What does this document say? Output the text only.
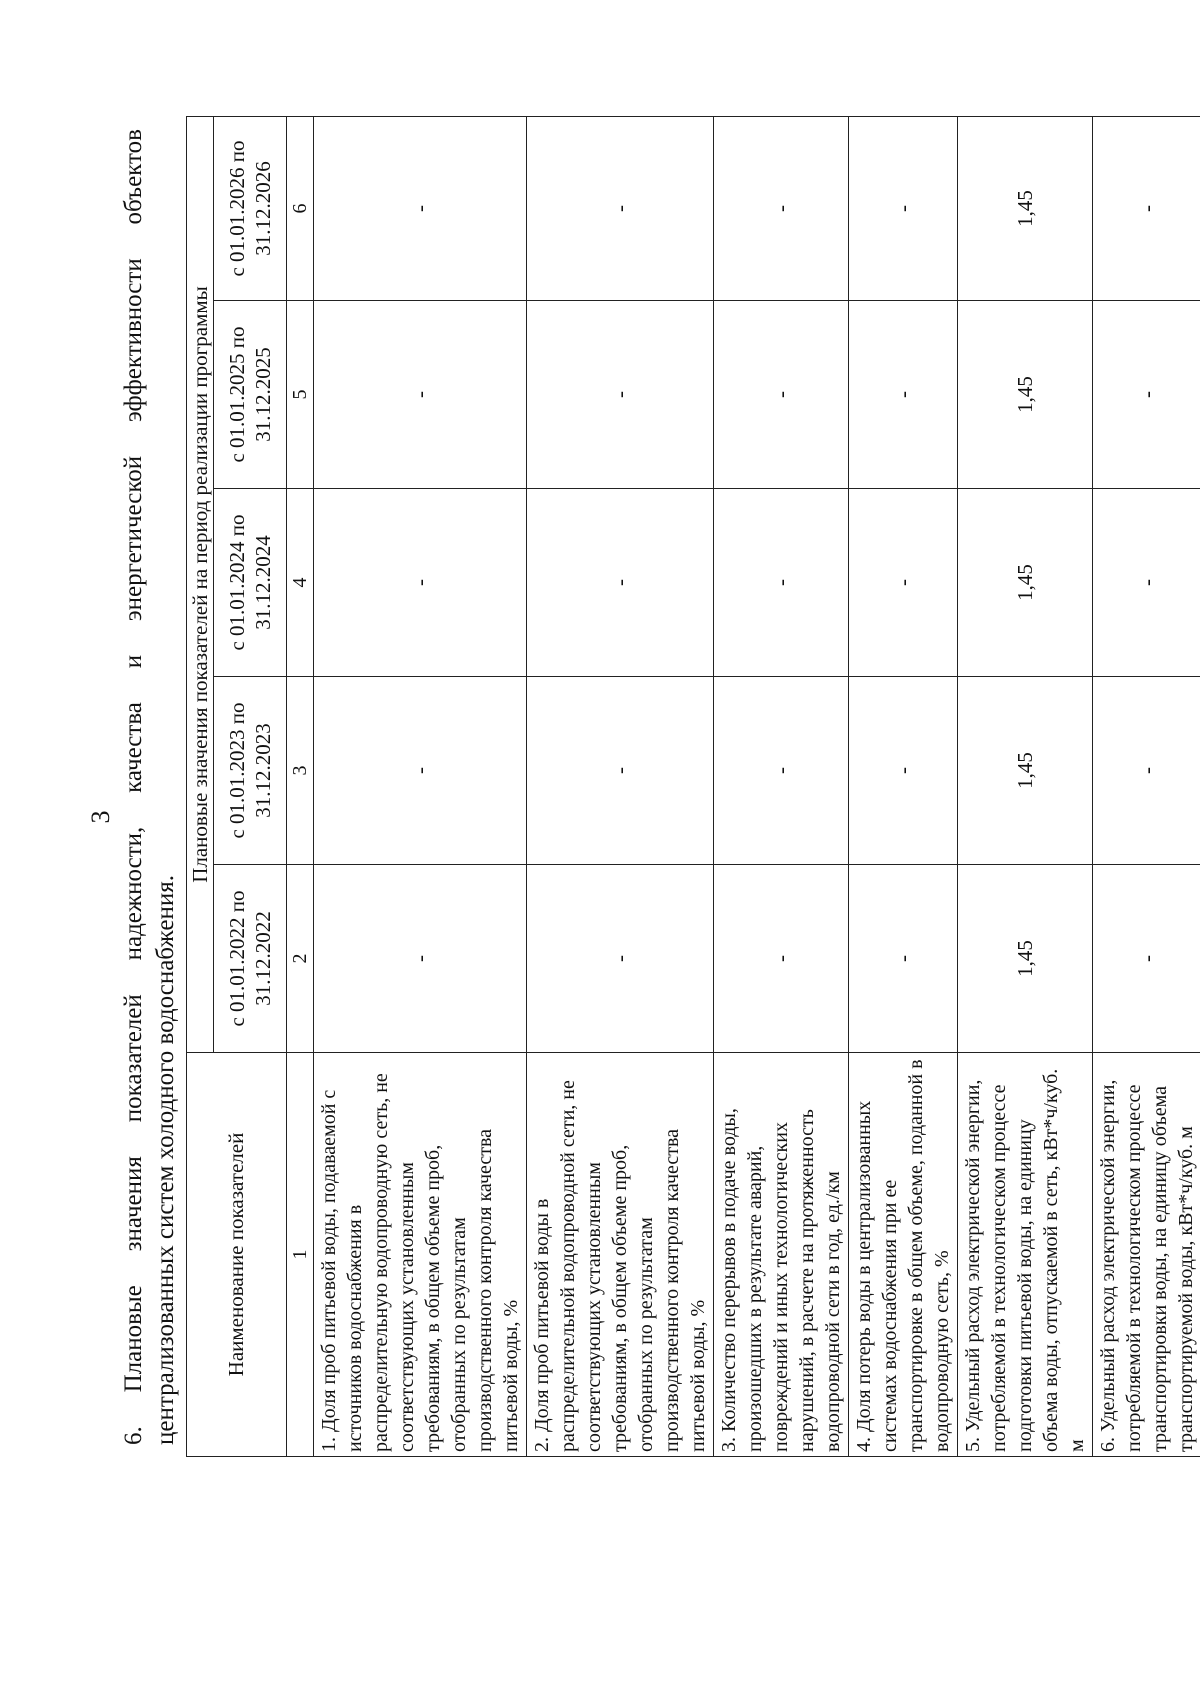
3
6.
Плановые
значения
показателей
надежности,
качества
и
энергетической
эффективности
объектов
централизованных систем холодного водоснабжения. Наименование показателей	Плановые значения показателей на период реализации программы				
	с 01.01.2022 по 31.12.2022	с 01.01.2023 по 31.12.2023	с 01.01.2024 по 31.12.2024	с 01.01.2025 по 31.12.2025	с 01.01.2026 по 31.12.2026
1	2	3	4	5	6
1. Доля проб питьевой воды, подаваемой с источников водоснабжения в распределительную водопроводную сеть, не соответствующих установленным требованиям, в общем объеме проб, отобранных по результатам производственного контроля качества питьевой воды, %	-	-	-	-	-
2. Доля проб питьевой воды в распределительной водопроводной сети, не соответствующих установленным требованиям, в общем объеме проб, отобранных по результатам производственного контроля качества питьевой воды, %	-	-	-	-	-
3. Количество перерывов в подаче воды, произошедших в результате аварий, повреждений и иных технологических нарушений, в расчете на протяженность водопроводной сети в год, ед./км	-	-	-	-	-
4. Доля потерь воды в централизованных системах водоснабжения при ее транспортировке в общем объеме, поданной в водопроводную сеть, %	-	-	-	-	-
5. Удельный расход электрической энергии, потребляемой в технологическом процессе подготовки питьевой воды, на единицу объема воды, отпускаемой в сеть, кВт*ч/куб. м	1,45	1,45	1,45	1,45	1,45
6. Удельный расход электрической энергии, потребляемой в технологическом процессе транспортировки воды, на единицу объема транспортируемой воды, кВт*ч/куб. м	-	-	-	-	-
